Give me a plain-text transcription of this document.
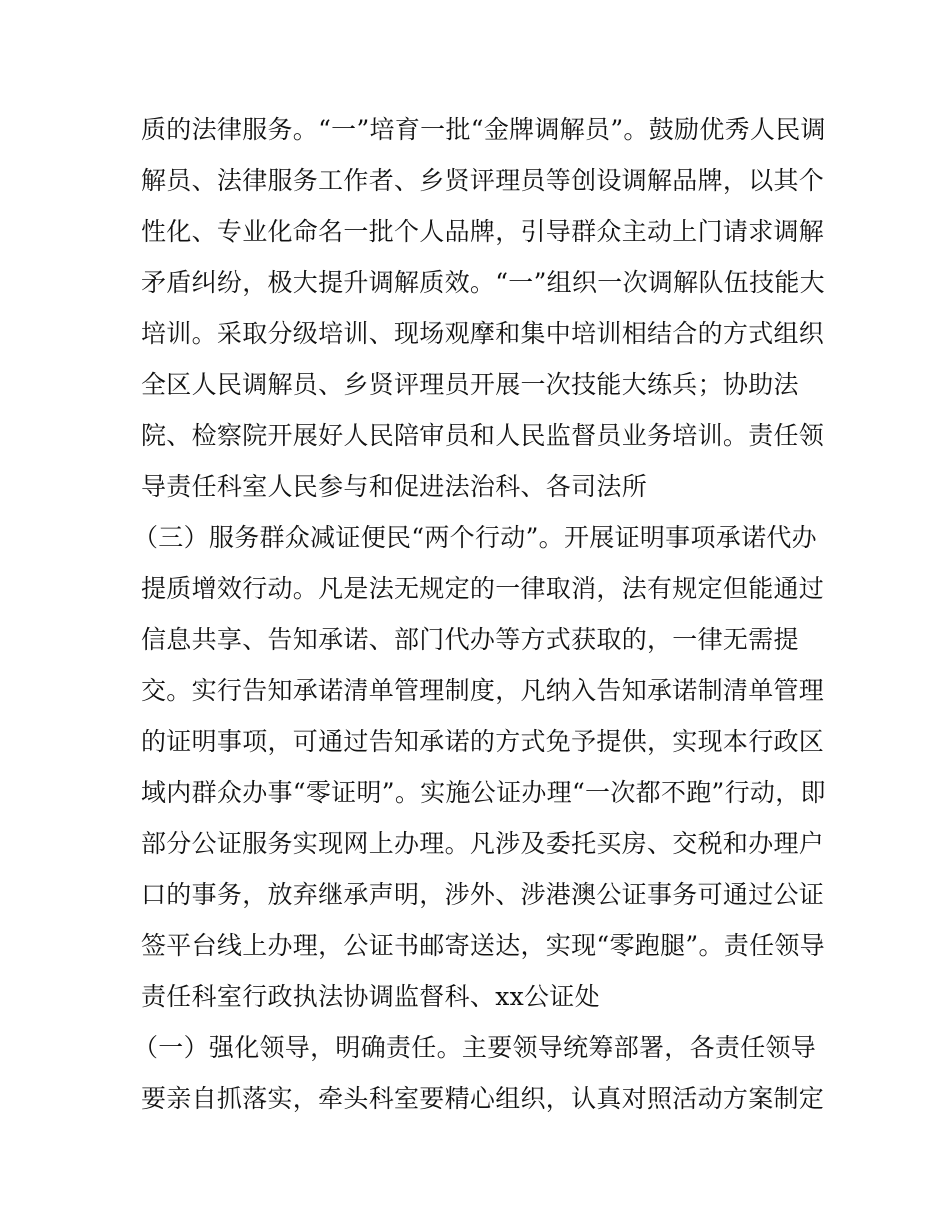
质的法律服务。“一”培育一批“金牌调解员”。鼓励优秀人民调
解员、法律服务工作者、乡贤评理员等创设调解品牌，以其个
性化、专业化命名一批个人品牌，引导群众主动上门请求调解
矛盾纠纷，极大提升调解质效。“一”组织一次调解队伍技能大
培训。采取分级培训、现场观摩和集中培训相结合的方式组织
全区人民调解员、乡贤评理员开展一次技能大练兵；协助法
院、检察院开展好人民陪审员和人民监督员业务培训。责任领
导责任科室人民参与和促进法治科、各司法所
（三）服务群众减证便民“两个行动”。开展证明事项承诺代办
提质增效行动。凡是法无规定的一律取消，法有规定但能通过
信息共享、告知承诺、部门代办等方式获取的，一律无需提
交。实行告知承诺清单管理制度，凡纳入告知承诺制清单管理
的证明事项，可通过告知承诺的方式免予提供，实现本行政区
域内群众办事“零证明”。实施公证办理“一次都不跑”行动，即
部分公证服务实现网上办理。凡涉及委托买房、交税和办理户
口的事务，放弃继承声明，涉外、涉港澳公证事务可通过公证
签平台线上办理，公证书邮寄送达，实现“零跑腿”。责任领导
责任科室行政执法协调监督科、xx公证处
（一）强化领导，明确责任。主要领导统筹部署，各责任领导
要亲自抓落实，牵头科室要精心组织，认真对照活动方案制定
